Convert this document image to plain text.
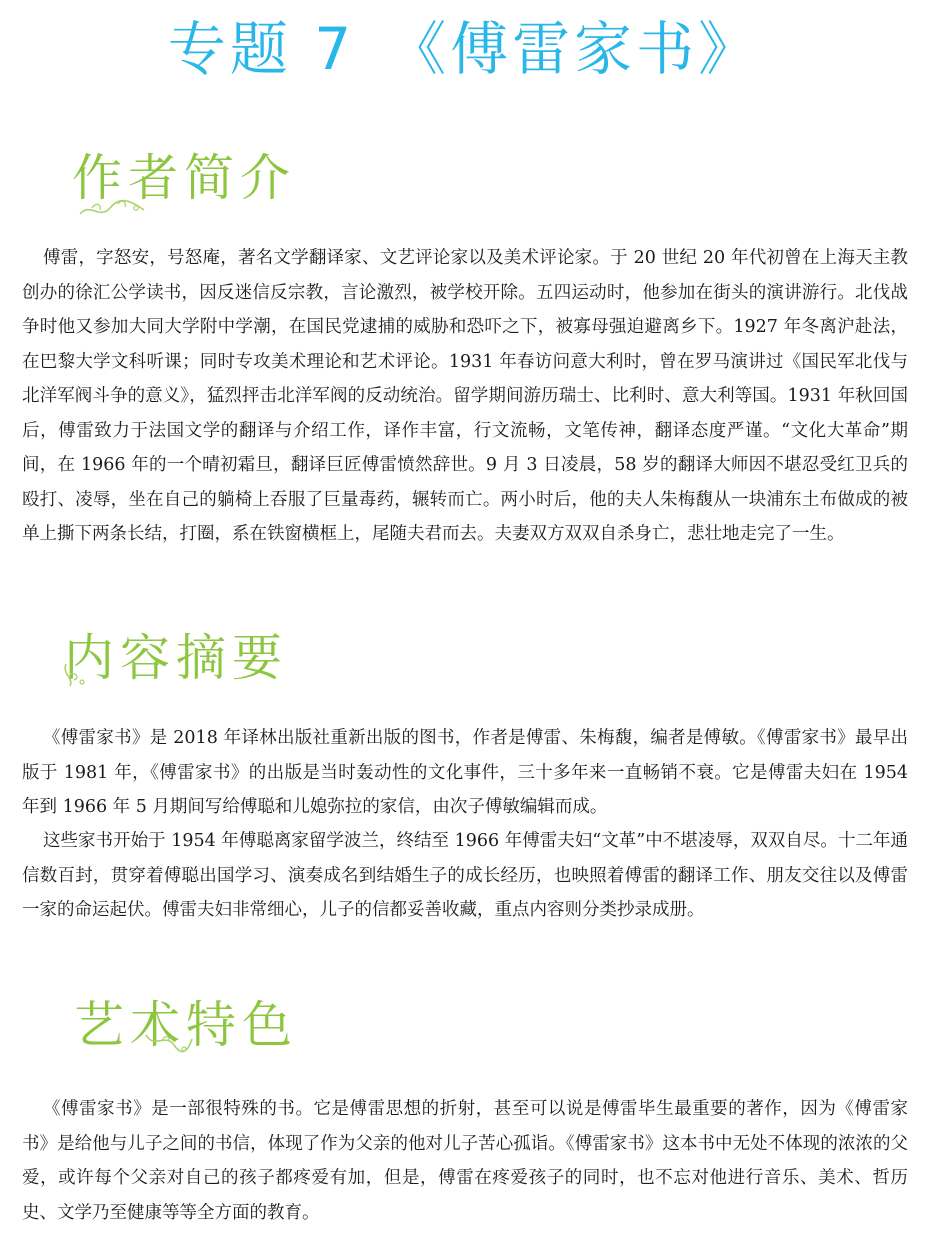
专题 7　《傅雷家书》
作者简介

傅雷，字怒安，号怒庵，著名文学翻译家、文艺评论家以及美术评论家。于 20 世纪 20 年代初曾在上海天主教创办的徐汇公学读书，因反迷信反宗教，言论激烈，被学校开除。五四运动时，他参加在街头的演讲游行。北伐战争时他又参加大同大学附中学潮，在国民党逮捕的威胁和恐吓之下，被寡母强迫避离乡下。1927 年冬离沪赴法，在巴黎大学文科听课；同时专攻美术理论和艺术评论。1931 年春访问意大利时，曾在罗马演讲过《国民军北伐与北洋军阀斗争的意义》，猛烈抨击北洋军阀的反动统治。留学期间游历瑞士、比利时、意大利等国。1931 年秋回国后，傅雷致力于法国文学的翻译与介绍工作，译作丰富，行文流畅，文笔传神，翻译态度严谨。“文化大革命”期间，在 1966 年的一个晴初霜旦，翻译巨匠傅雷愤然辞世。9 月 3 日凌晨，58 岁的翻译大师因不堪忍受红卫兵的殴打、凌辱，坐在自己的躺椅上吞服了巨量毒药，辗转而亡。两小时后，他的夫人朱梅馥从一块浦东土布做成的被单上撕下两条长结，打圈，系在铁窗横框上，尾随夫君而去。夫妻双方双双自杀身亡，悲壮地走完了一生。

内容摘要

《傅雷家书》是 2018 年译林出版社重新出版的图书，作者是傅雷、朱梅馥，编者是傅敏。《傅雷家书》最早出版于 1981 年，《傅雷家书》的出版是当时轰动性的文化事件，三十多年来一直畅销不衰。它是傅雷夫妇在 1954 年到 1966 年 5 月期间写给傅聪和儿媳弥拉的家信，由次子傅敏编辑而成。

这些家书开始于 1954 年傅聪离家留学波兰，终结至 1966 年傅雷夫妇“文革”中不堪凌辱，双双自尽。十二年通信数百封，贯穿着傅聪出国学习、演奏成名到结婚生子的成长经历，也映照着傅雷的翻译工作、朋友交往以及傅雷一家的命运起伏。傅雷夫妇非常细心，儿子的信都妥善收藏，重点内容则分类抄录成册。

艺术特色

《傅雷家书》是一部很特殊的书。它是傅雷思想的折射，甚至可以说是傅雷毕生最重要的著作，因为《傅雷家书》是给他与儿子之间的书信，体现了作为父亲的他对儿子苦心孤诣。《傅雷家书》这本书中无处不体现的浓浓的父爱，或许每个父亲对自己的孩子都疼爱有加，但是，傅雷在疼爱孩子的同时，也不忘对他进行音乐、美术、哲历史、文学乃至健康等等全方面的教育。
